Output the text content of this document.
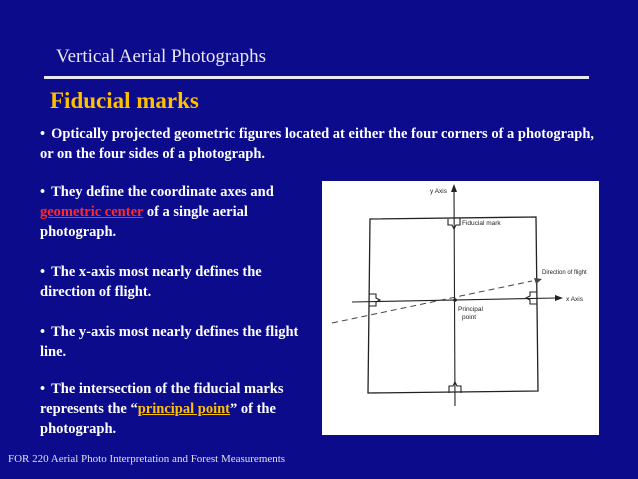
Vertical Aerial Photographs
Fiducial marks
• Optically projected geometric figures located at either the four corners of a photograph, or on the four sides of a photograph.
• They define the coordinate axes and geometric center of a single aerial photograph.
• The x-axis most nearly defines the direction of flight.
• The y-axis most nearly defines the flight line.
• The intersection of the fiducial marks represents the “principal point” of the photograph.
y Axis
Fiducial mark
Direction of flight
x Axis
Principal
point
FOR 220 Aerial Photo Interpretation and Forest Measurements
